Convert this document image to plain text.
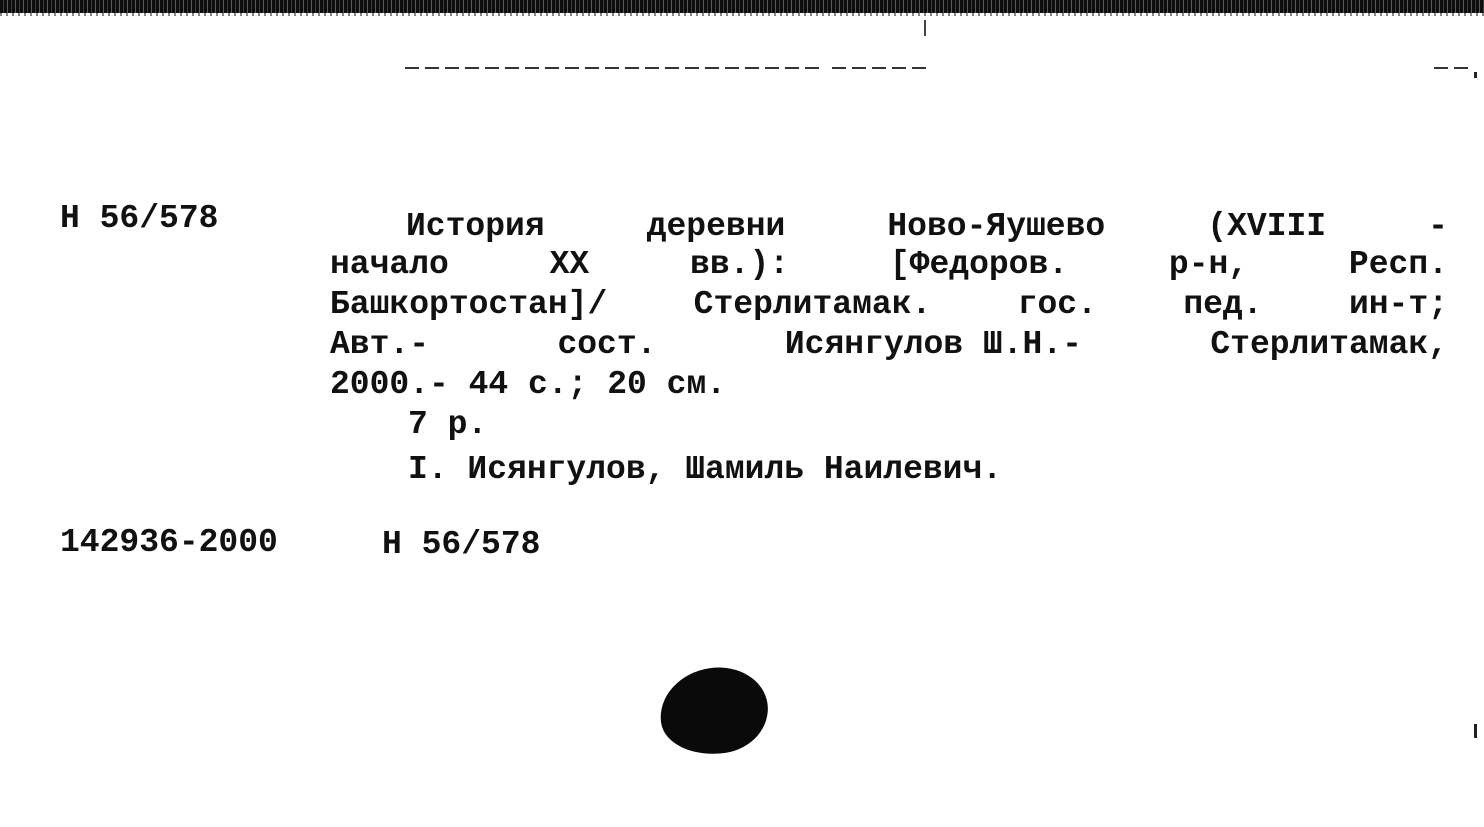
Н 56/578	История	деревни	Ново-Яушево	(XVIII	-
начало	XX	вв.):	[Федоров.	р-н,	Респ.
Башкортостан]/	Стерлитамак.	гос.	пед.	ин-т;
Авт.-	сост.	Исянгулов Ш.Н.-	Стерлитамак,
2000.- 44 с.; 20 см.
7 р.
I. Исянгулов, Шамиль Наилевич.
142936-2000	Н 56/578
